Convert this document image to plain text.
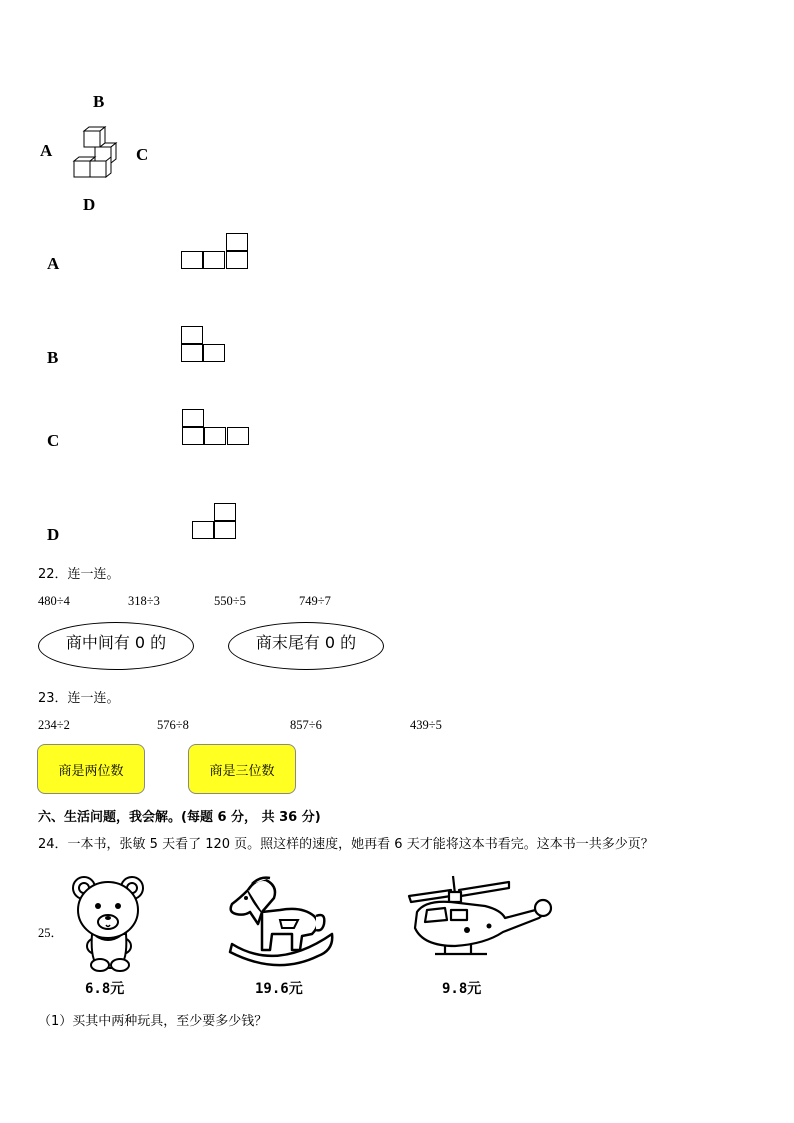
B
A	C
D
A
B
C
D
22．连一连。
480÷4	318÷3	550÷5	749÷7
商中间有 0 的	商末尾有 0 的
23．连一连。
234÷2	576÷8	857÷6	439÷5
商是两位数	商是三位数
六、生活问题，我会解。(每题 6 分， 共 36 分)
24．一本书，张敏 5 天看了 120 页。照这样的速度，她再看 6 天才能将这本书看完。这本书一共多少页？
25．
6.8元	19.6元	9.8元
（1）买其中两种玩具，至少要多少钱？
